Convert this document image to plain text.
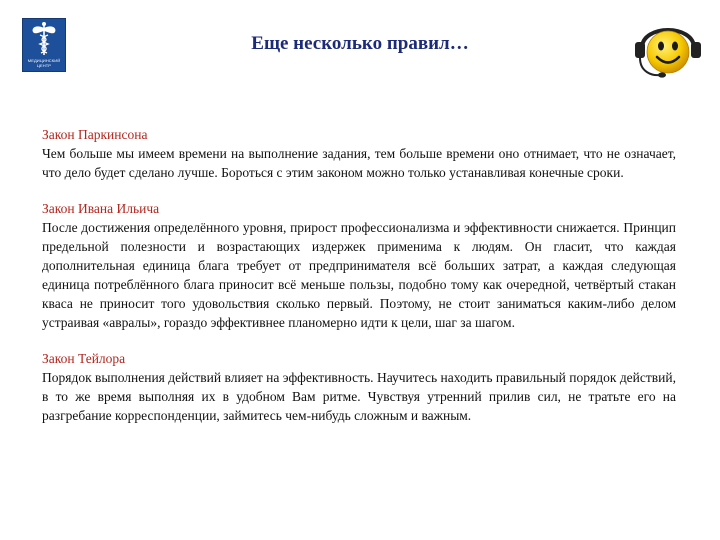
МЕДИЦИНСКИЙ
ЦЕНТР
Еще несколько правил…
Закон Паркинсона
Чем больше мы имеем времени на выполнение задания, тем больше времени оно отнимает, что не означает, что дело будет сделано лучше. Бороться с этим законом можно только устанавливая конечные сроки.
Закон Ивана Ильича
После достижения определённого уровня, прирост профессионализма и эффективности снижается. Принцип предельной полезности и возрастающих издержек применима к людям. Он гласит, что каждая дополнительная единица блага требует от предпринимателя всё больших затрат, а каждая следующая единица потреблённого блага приносит всё меньше пользы, подобно тому как очередной, четвёртый стакан кваса не приносит того удовольствия сколько первый. Поэтому, не стоит заниматься каким-либо делом устраивая «авралы», гораздо эффективнее планомерно идти к цели, шаг за шагом.
Закон Тейлора
Порядок выполнения действий влияет на эффективность. Научитесь находить правильный порядок действий, в то же время выполняя их в удобном Вам ритме. Чувствуя утренний прилив сил, не тратьте его на разгребание корреспонденции, займитесь чем-нибудь сложным и важным.
